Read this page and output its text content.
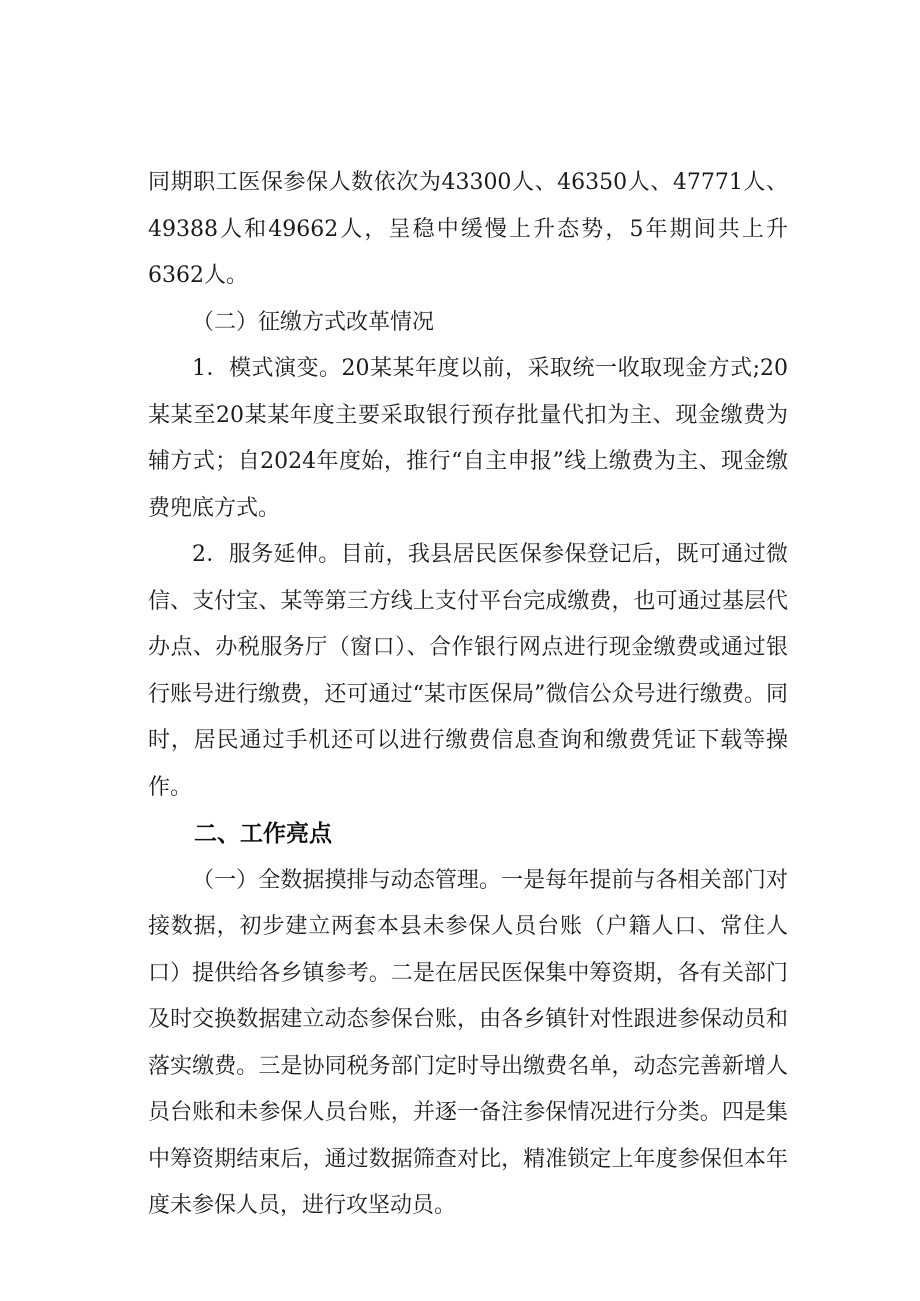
同期职工医保参保人数依次为43300人、46350人、47771人、49388人和49662人，呈稳中缓慢上升态势，5年期间共上升6362人。

（二）征缴方式改革情况

1．模式演变。20某某年度以前，采取统一收取现金方式;20某某至20某某年度主要采取银行预存批量代扣为主、现金缴费为辅方式；自2024年度始，推行“自主申报”线上缴费为主、现金缴费兜底方式。

2．服务延伸。目前，我县居民医保参保登记后，既可通过微信、支付宝、某等第三方线上支付平台完成缴费，也可通过基层代办点、办税服务厅（窗口）、合作银行网点进行现金缴费或通过银行账号进行缴费，还可通过“某市医保局”微信公众号进行缴费。同时，居民通过手机还可以进行缴费信息查询和缴费凭证下载等操作。

二、工作亮点

（一）全数据摸排与动态管理。一是每年提前与各相关部门对接数据，初步建立两套本县未参保人员台账（户籍人口、常住人口）提供给各乡镇参考。二是在居民医保集中筹资期，各有关部门及时交换数据建立动态参保台账，由各乡镇针对性跟进参保动员和落实缴费。三是协同税务部门定时导出缴费名单，动态完善新增人员台账和未参保人员台账，并逐一备注参保情况进行分类。四是集中筹资期结束后，通过数据筛查对比，精准锁定上年度参保但本年度未参保人员，进行攻坚动员。
